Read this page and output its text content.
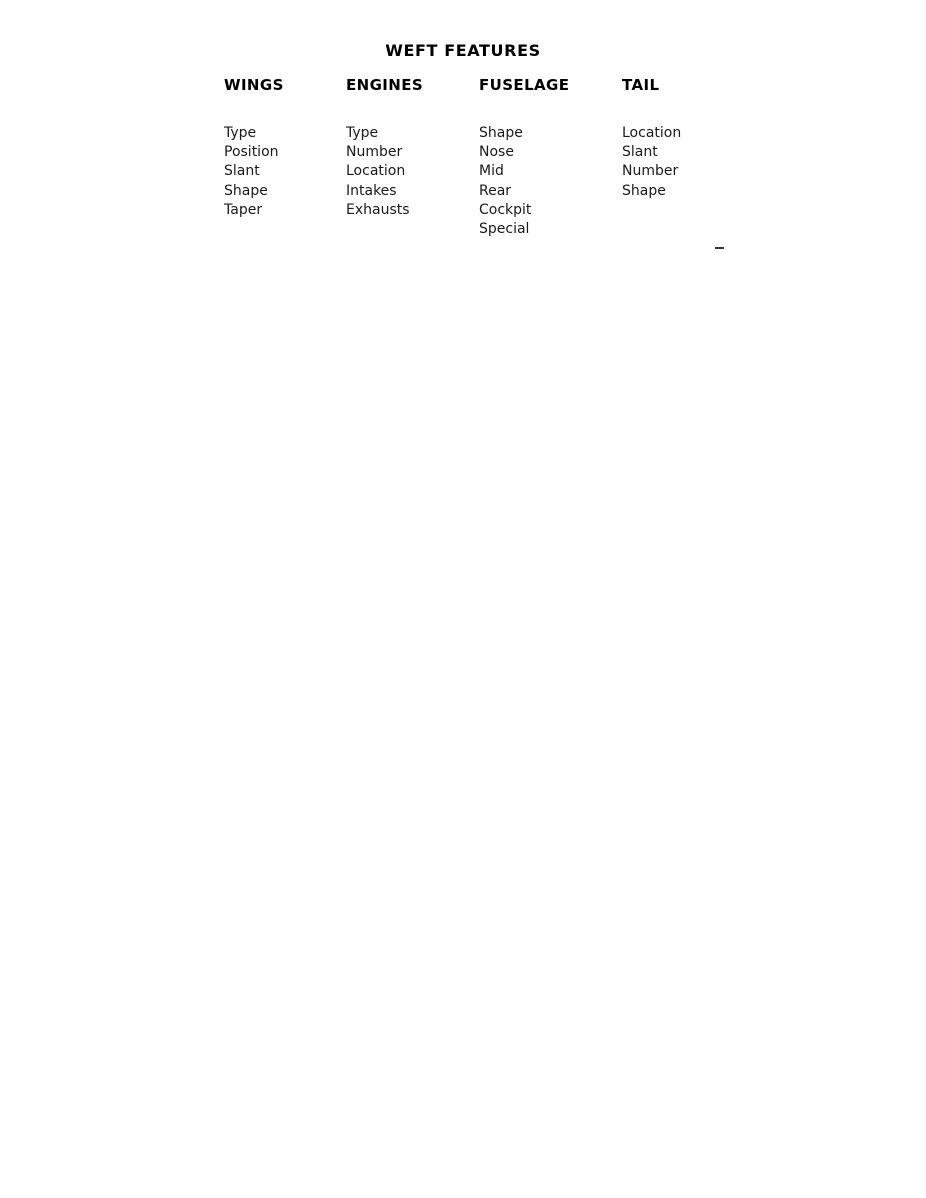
WEFT FEATURES
WINGS
Type
Position
Slant
Shape
Taper
ENGINES
Type
Number
Location
Intakes
Exhausts
FUSELAGE
Shape
Nose
Mid
Rear
Cockpit
Special
TAIL
Location
Slant
Number
Shape
